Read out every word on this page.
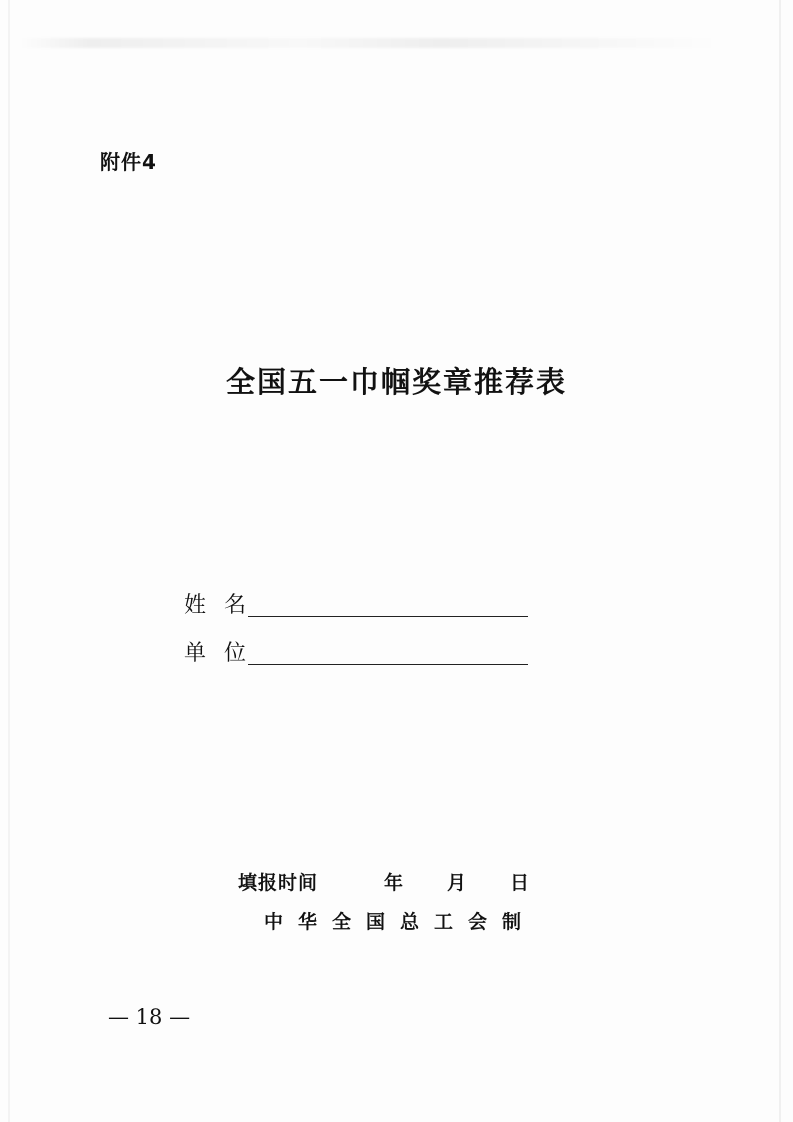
附件4
全国五一巾帼奖章推荐表
姓名
单位
填报时间	年 月 日
中华全国总工会制
— 18 —
